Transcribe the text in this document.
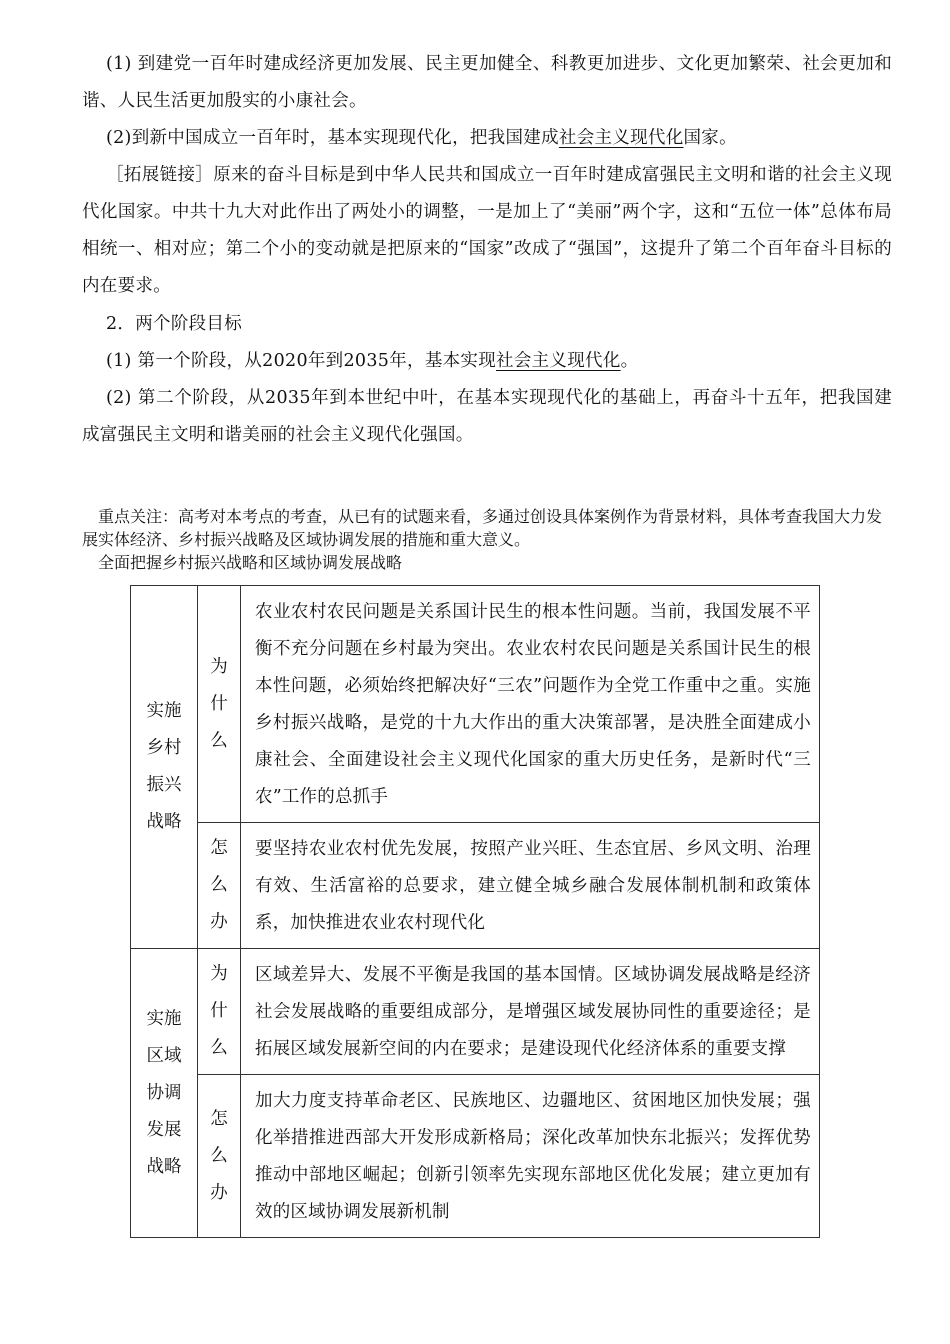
(1) 到建党一百年时建成经济更加发展、民主更加健全、科教更加进步、文化更加繁荣、社会更加和谐、人民生活更加殷实的小康社会。
(2)到新中国成立一百年时，基本实现现代化，把我国建成社会主义现代化国家。
［拓展链接］原来的奋斗目标是到中华人民共和国成立一百年时建成富强民主文明和谐的社会主义现代化国家。中共十九大对此作出了两处小的调整，一是加上了“美丽”两个字，这和“五位一体”总体布局相统一、相对应；第二个小的变动就是把原来的“国家”改成了“强国”，这提升了第二个百年奋斗目标的内在要求。
2．两个阶段目标
(1) 第一个阶段，从2020年到2035年，基本实现社会主义现代化。
(2) 第二个阶段，从2035年到本世纪中叶，在基本实现现代化的基础上，再奋斗十五年，把我国建成富强民主文明和谐美丽的社会主义现代化强国。
重点关注：高考对本考点的考查，从已有的试题来看，多通过创设具体案例作为背景材料，具体考查我国大力发展实体经济、乡村振兴战略及区域协调发展的措施和重大意义。
全面把握乡村振兴战略和区域协调发展战略
实施乡村振兴战略	为什么	农业农村农民问题是关系国计民生的根本性问题。当前，我国发展不平衡不充分问题在乡村最为突出。农业农村农民问题是关系国计民生的根本性问题，必须始终把解决好“三农”问题作为全党工作重中之重。实施乡村振兴战略，是党的十九大作出的重大决策部署，是决胜全面建成小康社会、全面建设社会主义现代化国家的重大历史任务，是新时代“三农”工作的总抓手
	怎么办	要坚持农业农村优先发展，按照产业兴旺、生态宜居、乡风文明、治理有效、生活富裕的总要求，建立健全城乡融合发展体制机制和政策体系，加快推进农业农村现代化
实施区域协调发展战略	为什么	区域差异大、发展不平衡是我国的基本国情。区域协调发展战略是经济社会发展战略的重要组成部分，是增强区域发展协同性的重要途径；是拓展区域发展新空间的内在要求；是建设现代化经济体系的重要支撑
	怎么办	加大力度支持革命老区、民族地区、边疆地区、贫困地区加快发展；强化举措推进西部大开发形成新格局；深化改革加快东北振兴；发挥优势推动中部地区崛起；创新引领率先实现东部地区优化发展；建立更加有效的区域协调发展新机制
